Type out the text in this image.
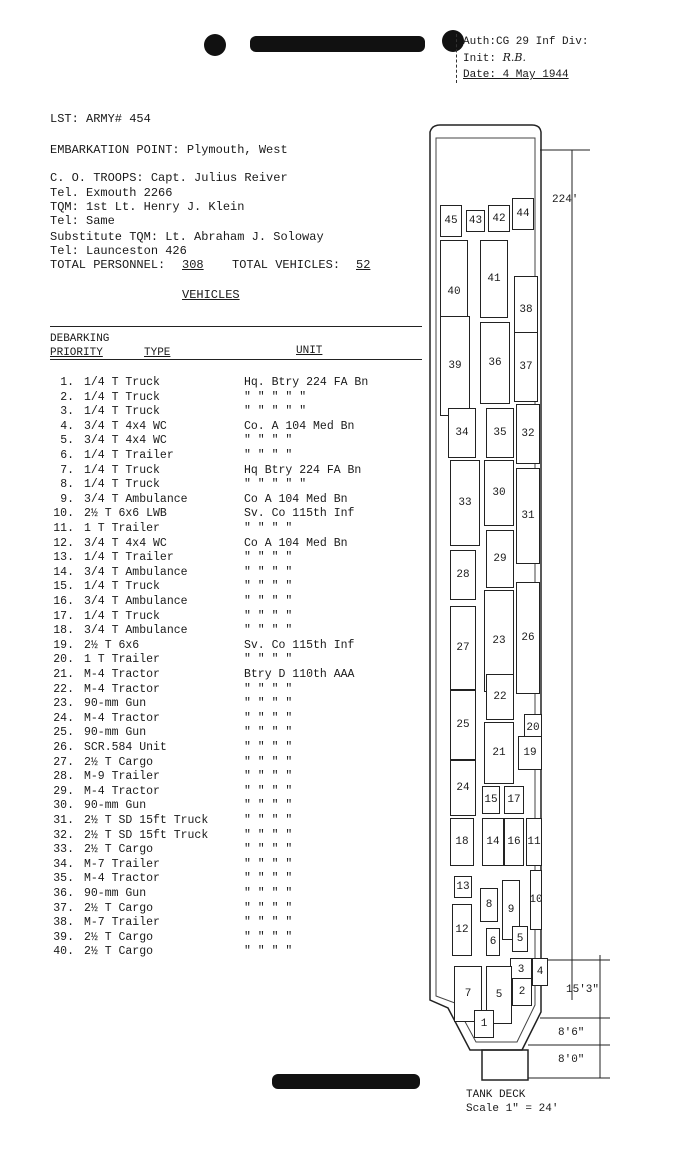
Auth:CG 29 Inf Div:
Init: R.B.
Date: 4 May 1944
LST: ARMY# 454
EMBARKATION POINT: Plymouth, West
C. O. TROOPS: Capt. Julius Reiver
Tel. Exmouth 2266
TQM: 1st Lt. Henry J. Klein
Tel: Same
Substitute TQM: Lt. Abraham J. Soloway
Tel: Launceston 426
TOTAL PERSONNEL: 308 TOTAL VEHICLES: 52
VEHICLES
DEBARKING
PRIORITY	TYPE	UNIT
1. 1/4 T Truck	Hq. Btry 224 FA Bn
2. 1/4 T Truck	" " " " "
3. 1/4 T Truck	" " " " "
4. 3/4 T 4x4 WC	Co. A 104 Med Bn
5. 3/4 T 4x4 WC	" " " "
6. 1/4 T Trailer	" " " "
7. 1/4 T Truck	Hq Btry 224 FA Bn
8. 1/4 T Truck	" " " " "
9. 3/4 T Ambulance	Co A 104 Med Bn
10. 2½ T 6x6 LWB	Sv. Co 115th Inf
11. 1 T Trailer	" " " "
12. 3/4 T 4x4 WC	Co A 104 Med Bn
13. 1/4 T Trailer	" " " "
14. 3/4 T Ambulance	" " " "
15. 1/4 T Truck	" " " "
16. 3/4 T Ambulance	" " " "
17. 1/4 T Truck	" " " "
18. 3/4 T Ambulance	" " " "
19. 2½ T 6x6	Sv. Co 115th Inf
20. 1 T Trailer	" " " "
21. M-4 Tractor	Btry D 110th AAA
22. M-4 Tractor	" " " "
23. 90-mm Gun	" " " "
24. M-4 Tractor	" " " "
25. 90-mm Gun	" " " "
26. SCR.584 Unit	" " " "
27. 2½ T Cargo	" " " "
28. M-9 Trailer	" " " "
29. M-4 Tractor	" " " "
30. 90-mm Gun	" " " "
31. 2½ T SD 15ft Truck	" " " "
32. 2½ T SD 15ft Truck	" " " "
33. 2½ T Cargo	" " " "
34. M-7 Trailer	" " " "
35. M-4 Tractor	" " " "
36. 90-mm Gun	" " " "
37. 2½ T Cargo	" " " "
38. M-7 Trailer	" " " "
39. 2½ T Cargo	" " " "
40. 2½ T Cargo	" " " "
224'
15'3"
8'6"
8'0"
TANK DECK
Scale 1" = 24'
45	43 42 44
40
41
38
39	36	37
34	35	32
33
30
31
29
28
27
23	26
22
25	20
21	19
24
15 17
18	14 16 11
13
8	9
10
12
6	5
3	4
7	5	2
1
